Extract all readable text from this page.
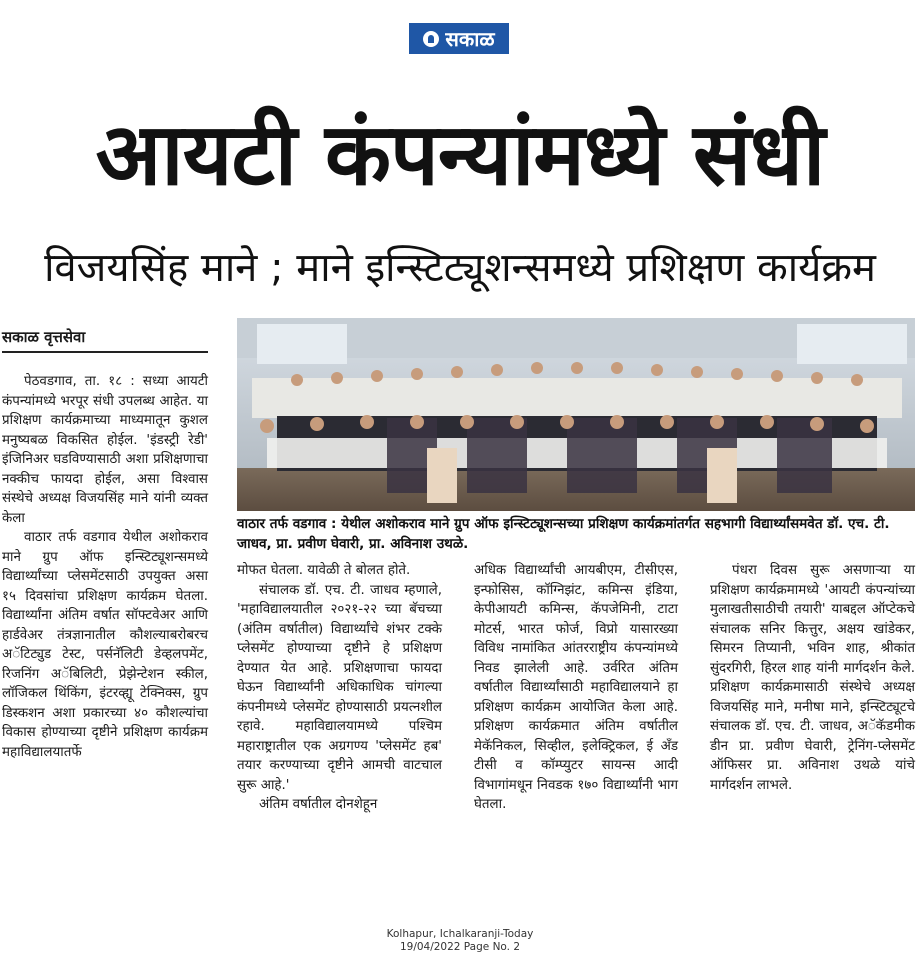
सकाळ
आयटी कंपन्यांमध्ये संधी
विजयसिंह माने ; माने इन्स्टिट्यूशन्समध्ये प्रशिक्षण कार्यक्रम
सकाळ वृत्तसेवा

पेठवडगाव, ता. १८ : सध्या आयटी कंपन्यांमध्ये भरपूर संधी उपलब्ध आहेत. या प्रशिक्षण कार्यक्रमाच्या माध्यमातून कुशल मनुष्यबळ विकसित होईल. 'इंडस्ट्री रेडी' इंजिनिअर घडविण्यासाठी अशा प्रशिक्षणाचा नक्कीच फायदा होईल, असा विश्वास संस्थेचे अध्यक्ष विजयसिंह माने यांनी व्यक्त केला

वाठार तर्फ वडगाव येथील अशोकराव माने ग्रुप ऑफ इन्स्टिट्यूशन्समध्ये विद्यार्थ्यांच्या प्लेसमेंटसाठी उपयुक्त असा १५ दिवसांचा प्रशिक्षण कार्यक्रम घेतला. विद्यार्थ्यांना अंतिम वर्षात सॉफ्टवेअर आणि हार्डवेअर तंत्रज्ञानातील कौशल्याबरोबरच अॅटिट्युड टेस्ट, पर्सनॅलिटी डेव्हलपमेंट, रिजनिंग अॅबिलिटी, प्रेझेन्टेशन स्कील, लॉजिकल थिंकिंग, इंटरव्ह्यू टेक्निक्स, ग्रुप डिस्कशन अशा प्रकारच्या ४० कौशल्यांचा विकास होण्याच्या दृष्टीने प्रशिक्षण कार्यक्रम महाविद्यालयातर्फे

वाठार तर्फ वडगाव : येथील अशोकराव माने ग्रुप ऑफ इन्स्टिट्यूशन्सच्या प्रशिक्षण कार्यक्रमांतर्गत सहभागी विद्यार्थ्यांसमवेत डॉ. एच. टी. जाधव, प्रा. प्रवीण घेवारी, प्रा. अविनाश उथळे.

मोफत घेतला. यावेळी ते बोलत होते.

संचालक डॉ. एच. टी. जाधव म्हणाले, 'महाविद्यालयातील २०२१-२२ च्या बॅचच्या (अंतिम वर्षातील) विद्यार्थ्यांचे शंभर टक्के प्लेसमेंट होण्याच्या दृष्टीने हे प्रशिक्षण देण्यात येत आहे. प्रशिक्षणाचा फायदा घेऊन विद्यार्थ्यांनी अधिकाधिक चांगल्या कंपनीमध्ये प्लेसमेंट होण्यासाठी प्रयत्नशील रहावे. महाविद्यालयामध्ये पश्चिम महाराष्ट्रातील एक अग्रगण्य 'प्लेसमेंट हब' तयार करण्याच्या दृष्टीने आमची वाटचाल सुरू आहे.'

अंतिम वर्षातील दोनशेहून

अधिक विद्यार्थ्यांची आयबीएम, टीसीएस, इन्फोसिस, कॉग्निझंट, कमिन्स इंडिया, केपीआयटी कमिन्स, कॅपजेमिनी, टाटा मोटर्स, भारत फोर्ज, विप्रो यासारख्या विविध नामांकित आंतरराष्ट्रीय कंपन्यांमध्ये निवड झालेली आहे. उर्वरित अंतिम वर्षातील विद्यार्थ्यांसाठी महाविद्यालयाने हा प्रशिक्षण कार्यक्रम आयोजित केला आहे. प्रशिक्षण कार्यक्रमात अंतिम वर्षातील मेकॅनिकल, सिव्हील, इलेक्ट्रिकल, ई अँड टीसी व कॉम्प्युटर सायन्स आदी विभागांमधून निवडक १७० विद्यार्थ्यांनी भाग घेतला.

पंधरा दिवस सुरू असणाऱ्या या प्रशिक्षण कार्यक्रमामध्ये 'आयटी कंपन्यांच्या मुलाखतीसाठीची तयारी' याबद्दल ऑप्टेकचे संचालक सनिर कित्तुर, अक्षय खांडेकर, सिमरन तिप्यानी, भविन शाह, श्रीकांत सुंदरगिरी, हिरल शाह यांनी मार्गदर्शन केले. प्रशिक्षण कार्यक्रमासाठी संस्थेचे अध्यक्ष विजयसिंह माने, मनीषा माने, इन्स्टिट्यूटचे संचालक डॉ. एच. टी. जाधव, अॅकॅडमीक डीन प्रा. प्रवीण घेवारी, ट्रेनिंग-प्लेसमेंट ऑफिसर प्रा. अविनाश उथळे यांचे मार्गदर्शन लाभले.

Kolhapur, Ichalkaranji-Today
19/04/2022 Page No. 2
